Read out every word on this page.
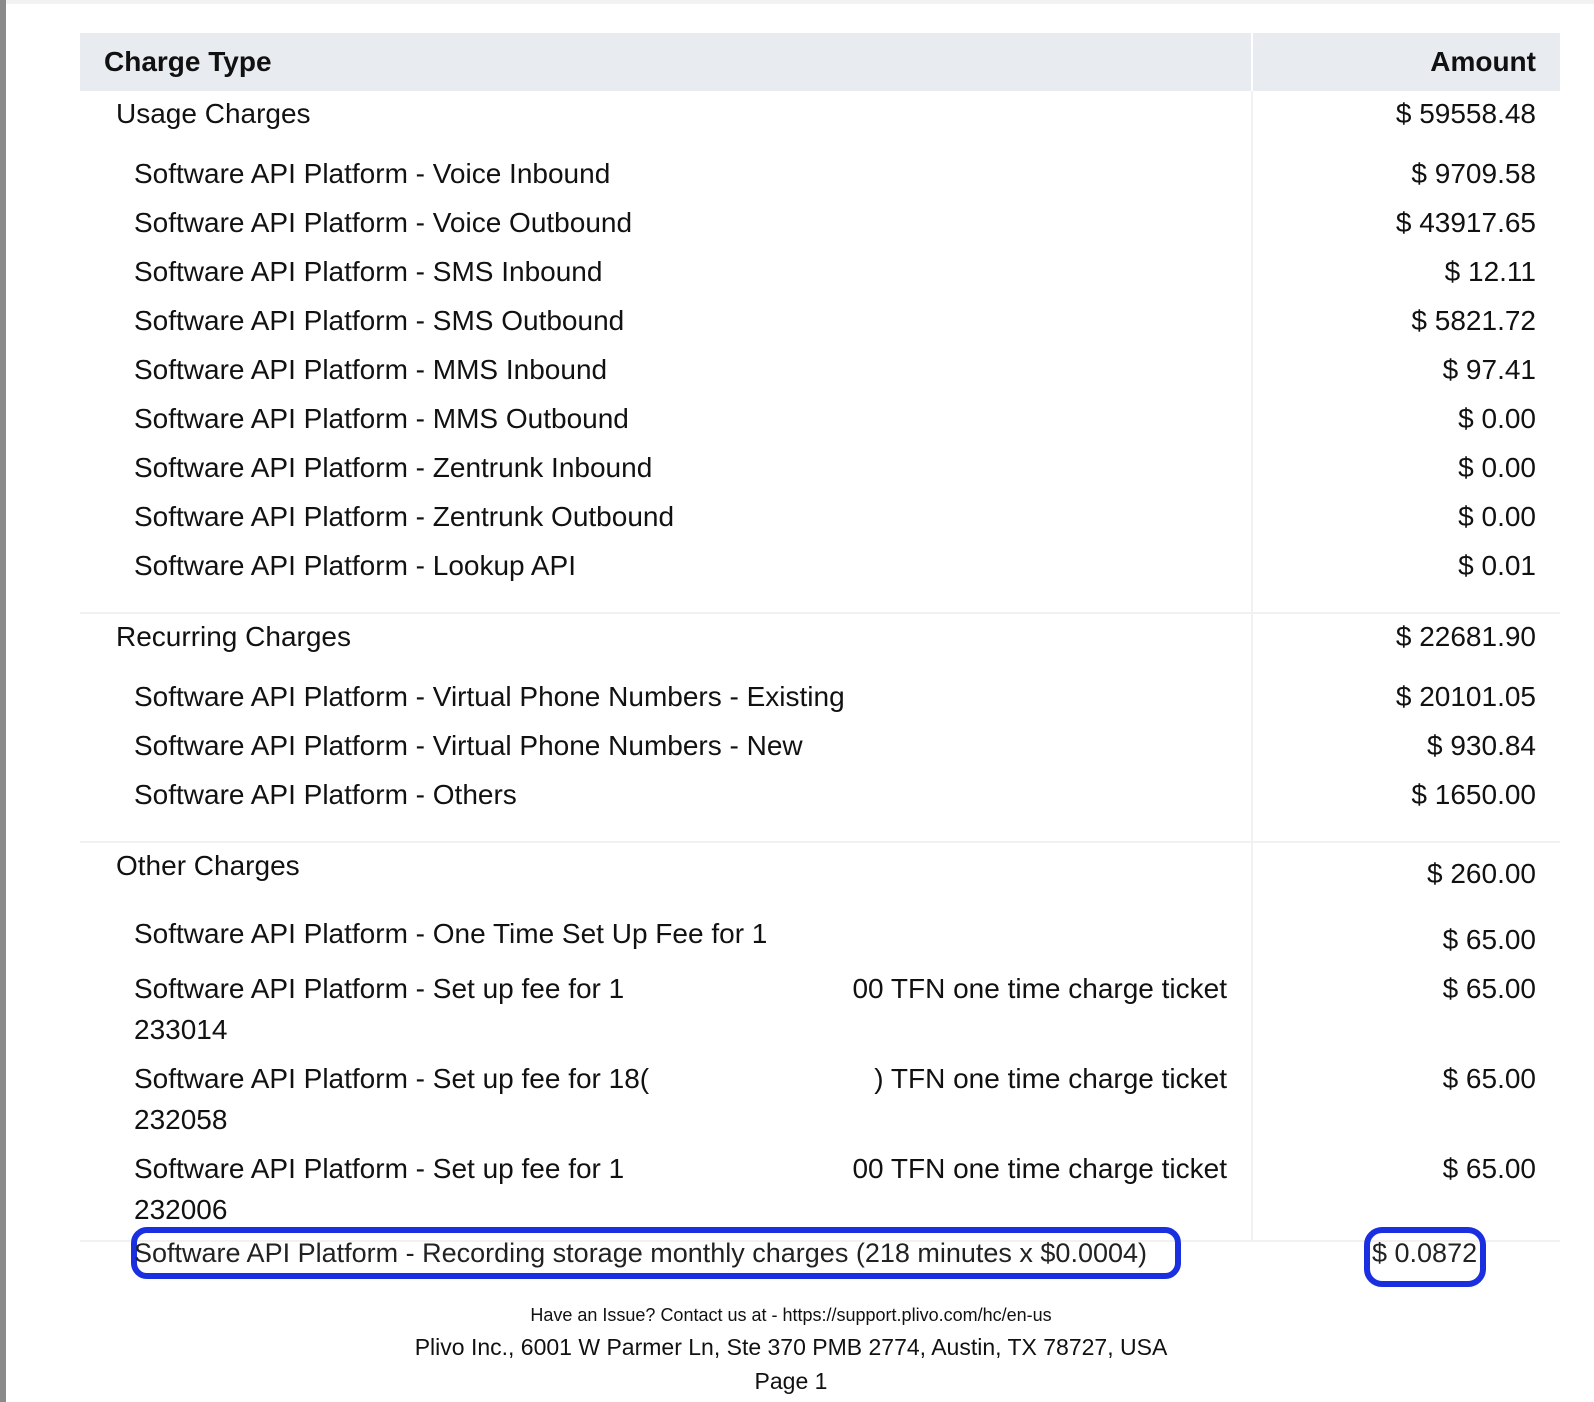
Charge Type	Amount
Usage Charges	$ 59558.48
Software API Platform - Voice Inbound	$ 9709.58
Software API Platform - Voice Outbound	$ 43917.65
Software API Platform - SMS Inbound	$ 12.11
Software API Platform - SMS Outbound	$ 5821.72
Software API Platform - MMS Inbound	$ 97.41
Software API Platform - MMS Outbound	$ 0.00
Software API Platform - Zentrunk Inbound	$ 0.00
Software API Platform - Zentrunk Outbound	$ 0.00
Software API Platform - Lookup API	$ 0.01

Recurring Charges	$ 22681.90
Software API Platform - Virtual Phone Numbers - Existing	$ 20101.05
Software API Platform - Virtual Phone Numbers - New	$ 930.84
Software API Platform - Others	$ 1650.00

Other Charges	$ 260.00

Software API Platform - One Time Set Up Fee for 1	$ 65.00

Software API Platform - Set up fee for 1 00 TFN one time charge ticket
233014	$ 65.00

Software API Platform - Set up fee for 18( ) TFN one time charge ticket
232058	$ 65.00

Software API Platform - Set up fee for 1 00 TFN one time charge ticket
232006	$ 65.00

Software API Platform - Recording storage monthly charges (218 minutes x $0.0004)	$ 0.0872
Have an Issue? Contact us at - https://support.plivo.com/hc/en-us
Plivo Inc., 6001 W Parmer Ln, Ste 370 PMB 2774, Austin, TX 78727, USA
Page 1
